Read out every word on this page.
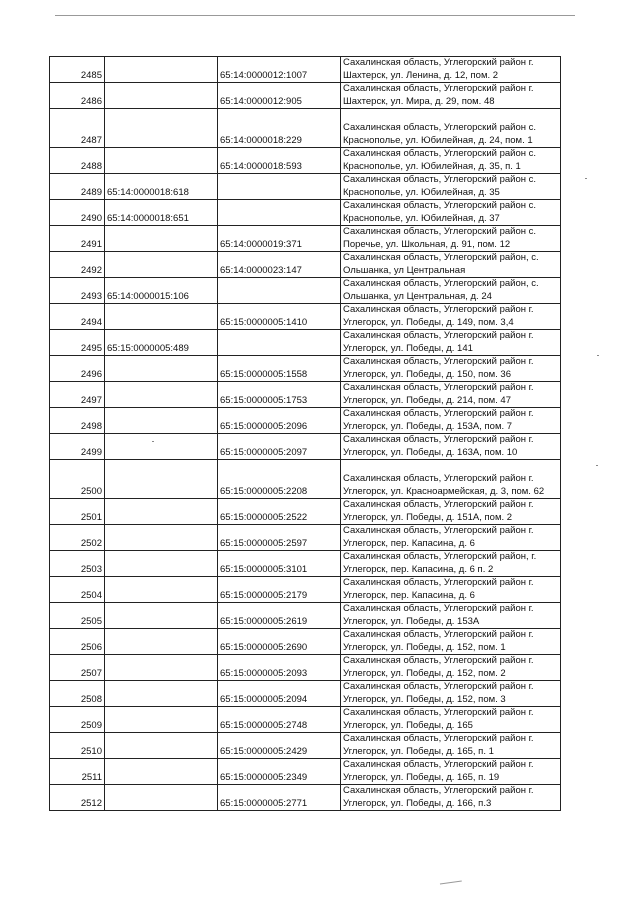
2485		65:14:0000012:1007	Сахалинская область, Углегорский район г.
Шахтерск, ул. Ленина, д. 12, пом. 2

2486		65:14:0000012:905	Сахалинская область, Углегорский район г.
Шахтерск, ул. Мира, д. 29, пом. 48

2487		65:14:0000018:229	Сахалинская область, Углегорский район с.
Краснополье, ул. Юбилейная, д. 24, пом. 1

2488		65:14:0000018:593	Сахалинская область, Углегорский район с.
Краснополье, ул. Юбилейная, д. 35, п. 1

2489	65:14:0000018:618		Сахалинская область, Углегорский район с.
Краснополье, ул. Юбилейная, д. 35

2490	65:14:0000018:651		Сахалинская область, Углегорский район с.
Краснополье, ул. Юбилейная, д. 37

2491		65:14:0000019:371	Сахалинская область, Углегорский район с.
Поречье, ул. Школьная, д. 91, пом. 12

2492		65:14:0000023:147	Сахалинская область, Углегорский район, с.
Ольшанка, ул Центральная

2493	65:14:0000015:106		Сахалинская область, Углегорский район, с.
Ольшанка, ул Центральная, д. 24

2494		65:15:0000005:1410	Сахалинская область, Углегорский район г.
Углегорск, ул. Победы, д. 149, пом. 3,4

2495	65:15:0000005:489		Сахалинская область, Углегорский район г.
Углегорск, ул. Победы, д. 141

2496		65:15:0000005:1558	Сахалинская область, Углегорский район г.
Углегорск, ул. Победы, д. 150, пом. 36

2497		65:15:0000005:1753	Сахалинская область, Углегорский район г.
Углегорск, ул. Победы, д. 214, пом. 47

2498		65:15:0000005:2096	Сахалинская область, Углегорский район г.
Углегорск, ул. Победы, д. 153А, пом. 7

2499		65:15:0000005:2097	Сахалинская область, Углегорский район г.
Углегорск, ул. Победы, д. 163А, пом. 10

2500		65:15:0000005:2208	Сахалинская область, Углегорский район г.
Углегорск, ул. Красноармейская, д. 3, пом. 62

2501		65:15:0000005:2522	Сахалинская область, Углегорский район г.
Углегорск, ул. Победы, д. 151А, пом. 2

2502		65:15:0000005:2597	Сахалинская область, Углегорский район г.
Углегорск, пер. Капасина, д. 6

2503		65:15:0000005:3101	Сахалинская область, Углегорский район, г.
Углегорск, пер. Капасина, д. 6 п. 2

2504		65:15:0000005:2179	Сахалинская область, Углегорский район г.
Углегорск, пер. Капасина, д. 6

2505		65:15:0000005:2619	Сахалинская область, Углегорский район г.
Углегорск, ул. Победы, д. 153А

2506		65:15:0000005:2690	Сахалинская область, Углегорский район г.
Углегорск, ул. Победы, д. 152, пом. 1

2507		65:15:0000005:2093	Сахалинская область, Углегорский район г.
Углегорск, ул. Победы, д. 152, пом. 2

2508		65:15:0000005:2094	Сахалинская область, Углегорский район г.
Углегорск, ул. Победы, д. 152, пом. 3

2509		65:15:0000005:2748	Сахалинская область, Углегорский район г.
Углегорск, ул. Победы, д. 165

2510		65:15:0000005:2429	Сахалинская область, Углегорский район г.
Углегорск, ул. Победы, д. 165, п. 1

2511		65:15:0000005:2349	Сахалинская область, Углегорский район г.
Углегорск, ул. Победы, д. 165, п. 19

2512		65:15:0000005:2771	Сахалинская область, Углегорский район г.
Углегорск, ул. Победы, д. 166, п.3
